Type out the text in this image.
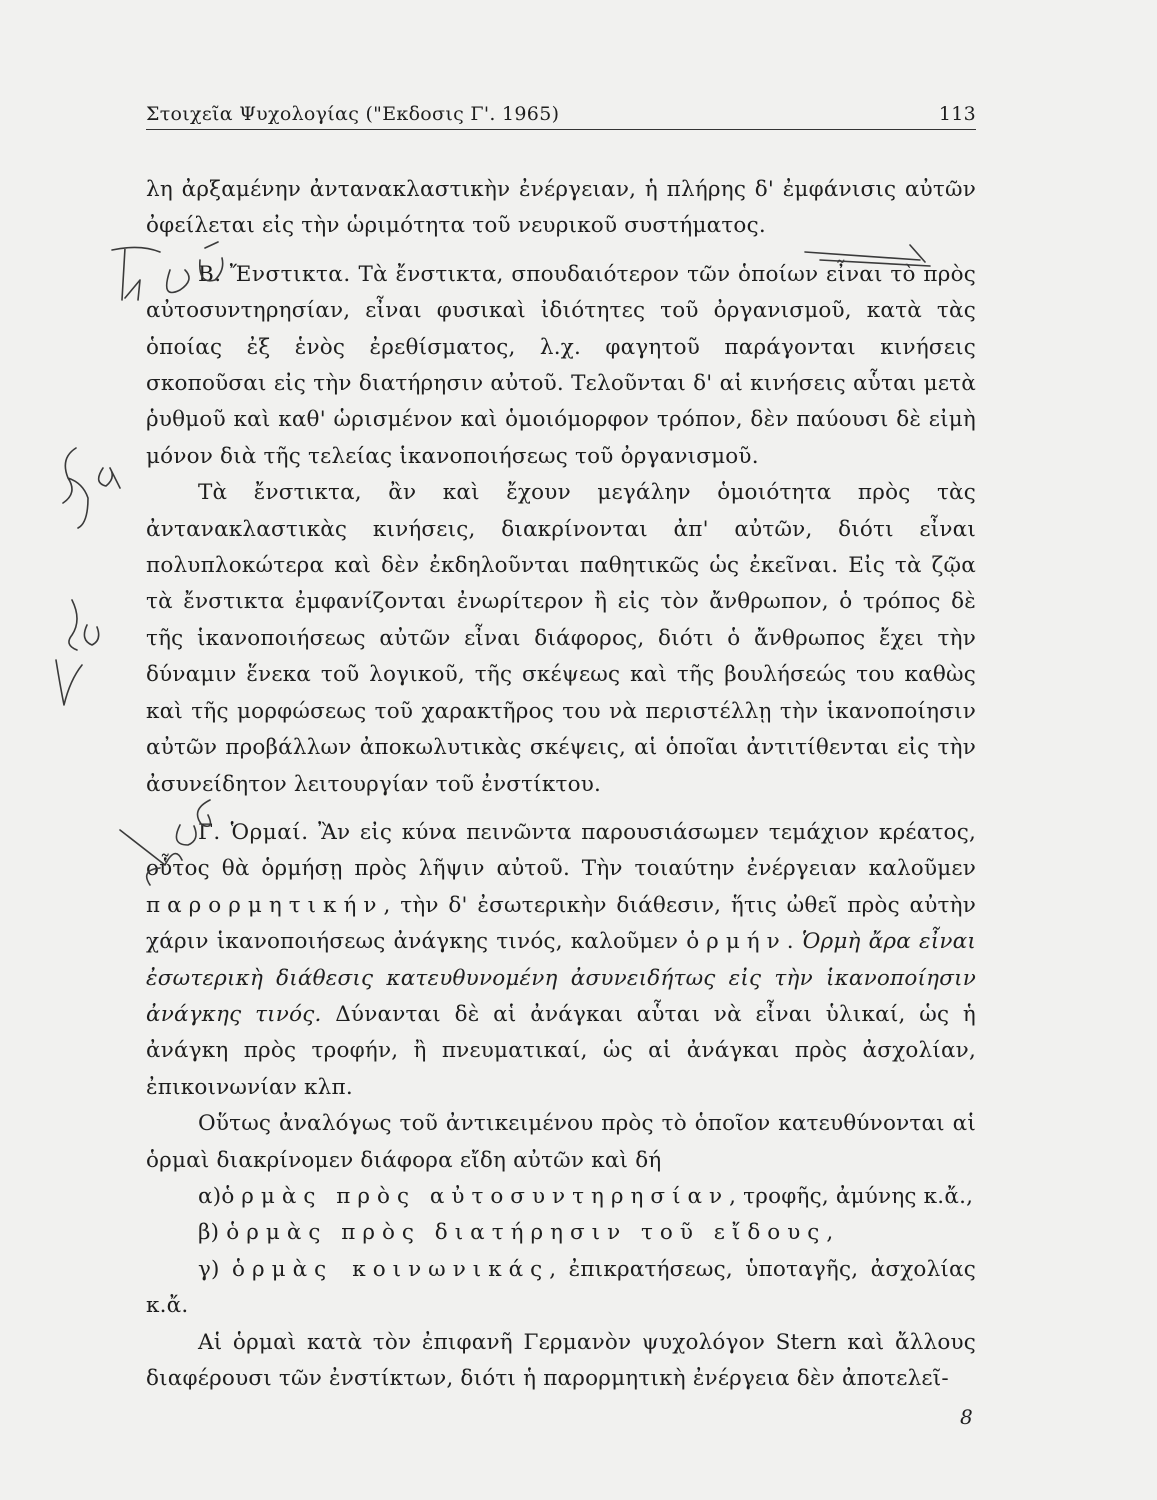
Στοιχεῖα Ψυχολογίας ("Εκδοσις Γ'. 1965)	113

λη ἀρξαμένην ἀντανακλαστικὴν ἐνέργειαν, ἡ πλήρης δ' ἐμφάνισις αὐτῶν ὀφείλεται εἰς τὴν ὡριμότητα τοῦ νευρικοῦ συστήματος.

Β. Ἔνστικτα. Τὰ ἔνστικτα, σπουδαιότερον τῶν ὁποίων εἶναι τὸ πρὸς αὐτοσυντηρησίαν, εἶναι φυσικαὶ ἰδιότητες τοῦ ὀργανισμοῦ, κατὰ τὰς ὁποίας ἐξ ἑνὸς ἐρεθίσματος, λ.χ. φαγητοῦ παράγονται κινήσεις σκοποῦσαι εἰς τὴν διατήρησιν αὐτοῦ. Τελοῦνται δ' αἱ κινήσεις αὗται μετὰ ῥυθμοῦ καὶ καθ' ὡρισμένον καὶ ὁμοιόμορφον τρόπον, δὲν παύουσι δὲ εἰμὴ μόνον διὰ τῆς τελείας ἱκανοποιήσεως τοῦ ὀργανισμοῦ.

Τὰ ἔνστικτα, ἂν καὶ ἔχουν μεγάλην ὁμοιότητα πρὸς τὰς ἀντανακλαστικὰς κινήσεις, διακρίνονται ἀπ' αὐτῶν, διότι εἶναι πολυπλοκώτερα καὶ δὲν ἐκδηλοῦνται παθητικῶς ὡς ἐκεῖναι. Εἰς τὰ ζῷα τὰ ἔνστικτα ἐμφανίζονται ἐνωρίτερον ἢ εἰς τὸν ἄνθρωπον, ὁ τρόπος δὲ τῆς ἱκανοποιήσεως αὐτῶν εἶναι διάφορος, διότι ὁ ἄνθρωπος ἔχει τὴν δύναμιν ἕνεκα τοῦ λογικοῦ, τῆς σκέψεως καὶ τῆς βουλήσεώς του καθὼς καὶ τῆς μορφώσεως τοῦ χαρακτῆρος του νὰ περιστέλλῃ τὴν ἱκανοποίησιν αὐτῶν προβάλλων ἀποκωλυτικὰς σκέψεις, αἱ ὁποῖαι ἀντιτίθενται εἰς τὴν ἀσυνείδητον λειτουργίαν τοῦ ἐνστίκτου.

Γ. Ὁρμαί. Ἂν εἰς κύνα πεινῶντα παρουσιάσωμεν τεμάχιον κρέατος, οὗτος θὰ ὁρμήσῃ πρὸς λῆψιν αὐτοῦ. Τὴν τοιαύτην ἐνέργειαν καλοῦμεν παρορμητικήν, τὴν δ' ἐσωτερικὴν διάθεσιν, ἥτις ὠθεῖ πρὸς αὐτὴν χάριν ἱκανοποιήσεως ἀνάγκης τινός, καλοῦμεν ὁρμήν. Ὁρμὴ ἄρα εἶναι ἐσωτερικὴ διάθεσις κατευθυνομένη ἀσυνειδήτως εἰς τὴν ἱκανοποίησιν ἀνάγκης τινός. Δύνανται δὲ αἱ ἀνάγκαι αὗται νὰ εἶναι ὑλικαί, ὡς ἡ ἀνάγκη πρὸς τροφήν, ἢ πνευματικαί, ὡς αἱ ἀνάγκαι πρὸς ἀσχολίαν, ἐπικοινωνίαν κλπ.

Οὕτως ἀναλόγως τοῦ ἀντικειμένου πρὸς τὸ ὁποῖον κατευθύνονται αἱ ὁρμαὶ διακρίνομεν διάφορα εἴδη αὐτῶν καὶ δή

α)ὁρμὰς πρὸς αὐτοσυντηρησίαν, τροφῆς, ἀμύνης κ.ἄ.,

β) ὁρμὰς πρὸς διατήρησιν τοῦ εἴδους,

γ) ὁρμὰς κοινωνικάς, ἐπικρατήσεως, ὑποταγῆς, ἀσχολίας κ.ἄ.

Αἱ ὁρμαὶ κατὰ τὸν ἐπιφανῆ Γερμανὸν ψυχολόγον Stern καὶ ἄλλους διαφέρουσι τῶν ἐνστίκτων, διότι ἡ παρορμητικὴ ἐνέργεια δὲν ἀποτελεῖ-

8
